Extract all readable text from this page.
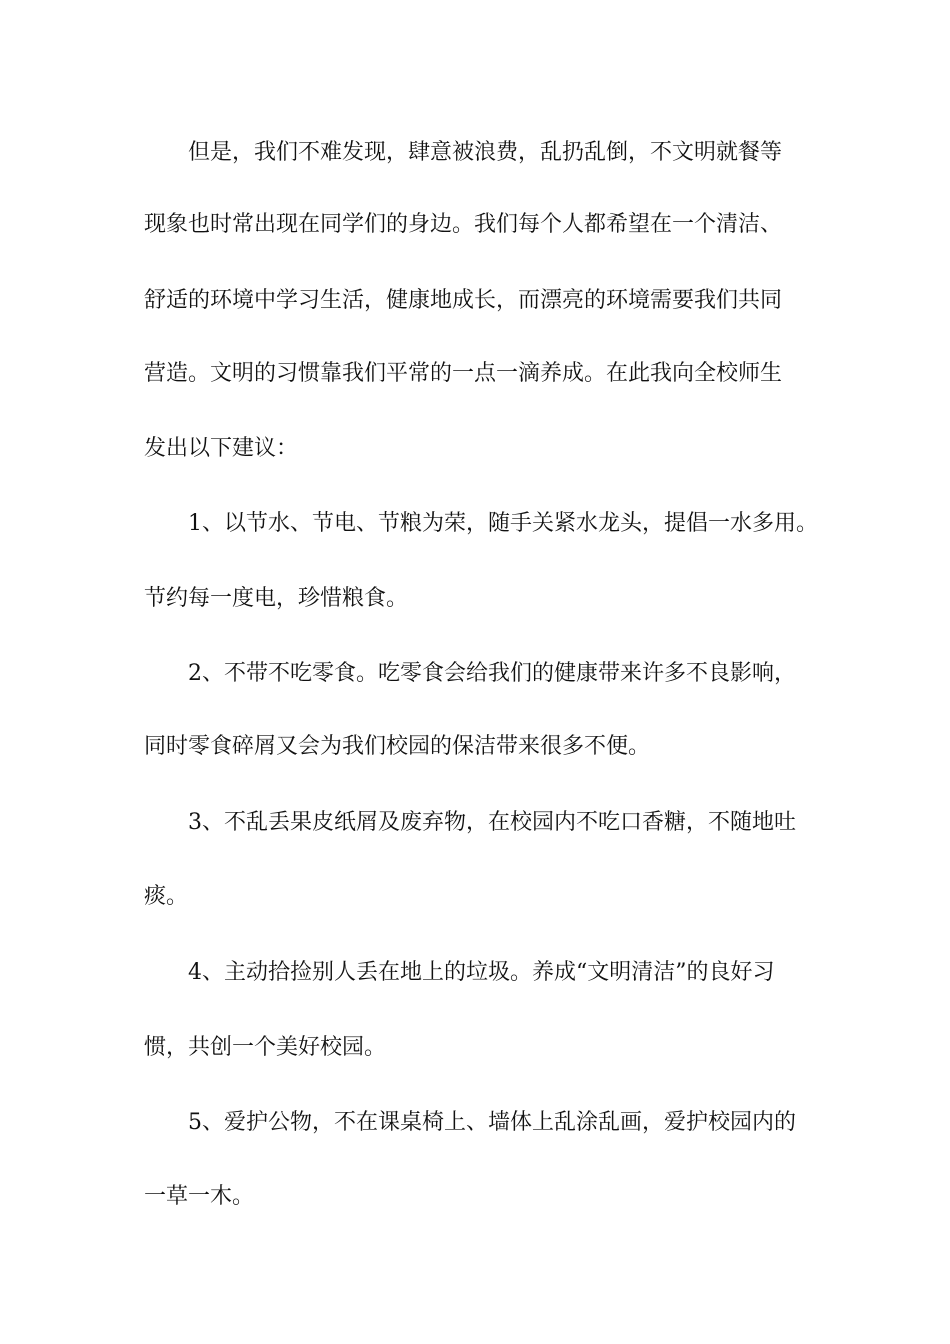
但是，我们不难发现，肆意被浪费，乱扔乱倒，不文明就餐等
现象也时常出现在同学们的身边。我们每个人都希望在一个清洁、
舒适的环境中学习生活，健康地成长，而漂亮的环境需要我们共同
营造。文明的习惯靠我们平常的一点一滴养成。在此我向全校师生
发出以下建议：
1、以节水、节电、节粮为荣，随手关紧水龙头，提倡一水多用。
节约每一度电，珍惜粮食。
2、不带不吃零食。吃零食会给我们的健康带来许多不良影响，
同时零食碎屑又会为我们校园的保洁带来很多不便。
3、不乱丢果皮纸屑及废弃物，在校园内不吃口香糖，不随地吐
痰。
4、主动拾捡别人丢在地上的垃圾。养成“文明清洁”的良好习
惯，共创一个美好校园。
5、爱护公物，不在课桌椅上、墙体上乱涂乱画，爱护校园内的
一草一木。
